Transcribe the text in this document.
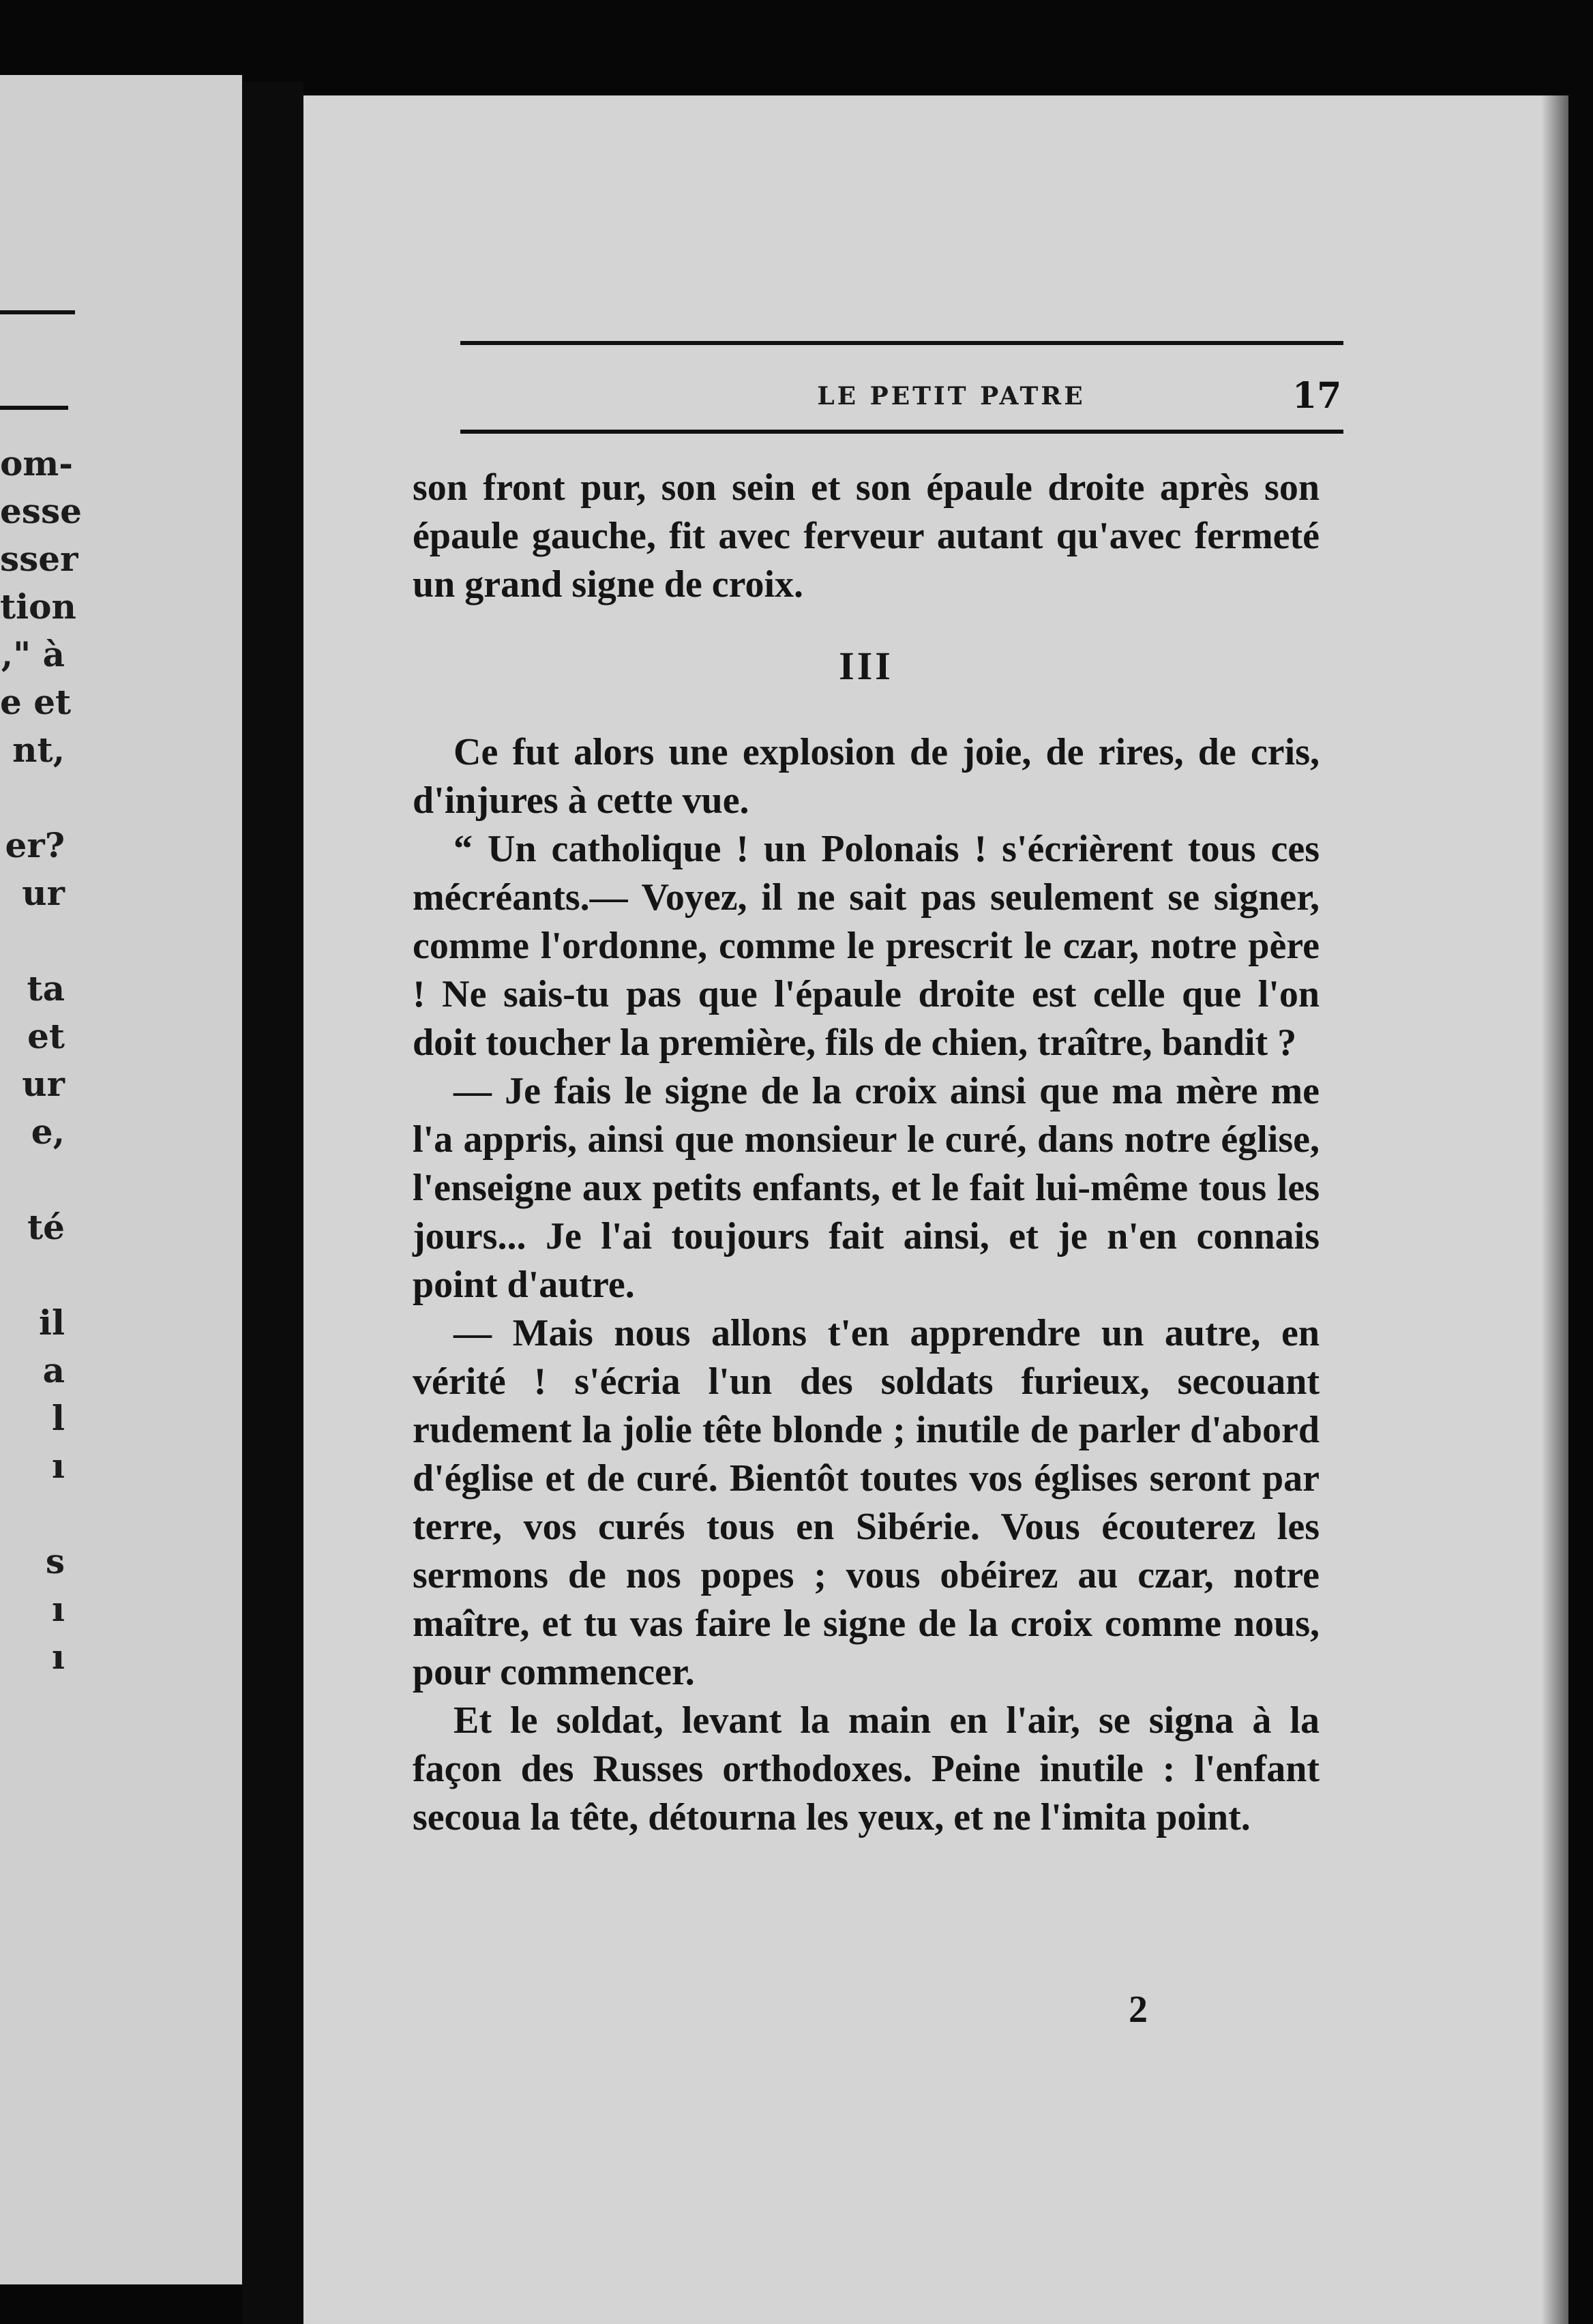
om-
esse
sser
tion
," à
e et
nt,
er?
ur
ta
et
ur
e,
té
il
a
l
ı
s
ı
ı
LE PETIT PATRE	17

son front pur, son sein et son épaule droite après son épaule gauche, fit avec ferveur autant qu'avec fermeté un grand signe de croix.

III

Ce fut alors une explosion de joie, de rires, de cris, d'injures à cette vue.

“ Un catholique ! un Polonais ! s'écrièrent tous ces mécréants.— Voyez, il ne sait pas seulement se signer, comme l'ordonne, comme le prescrit le czar, notre père ! Ne sais-tu pas que l'épaule droite est celle que l'on doit toucher la première, fils de chien, traître, bandit ?

— Je fais le signe de la croix ainsi que ma mère me l'a appris, ainsi que monsieur le curé, dans notre église, l'enseigne aux petits enfants, et le fait lui-même tous les jours... Je l'ai toujours fait ainsi, et je n'en connais point d'autre.

— Mais nous allons t'en apprendre un autre, en vérité ! s'écria l'un des soldats furieux, secouant rudement la jolie tête blonde ; inutile de parler d'abord d'église et de curé. Bientôt toutes vos églises seront par terre, vos curés tous en Sibérie. Vous écouterez les sermons de nos popes ; vous obéirez au czar, notre maître, et tu vas faire le signe de la croix comme nous, pour commencer.

Et le soldat, levant la main en l'air, se signa à la façon des Russes orthodoxes. Peine inutile : l'enfant secoua la tête, détourna les yeux, et ne l'imita point.

2
